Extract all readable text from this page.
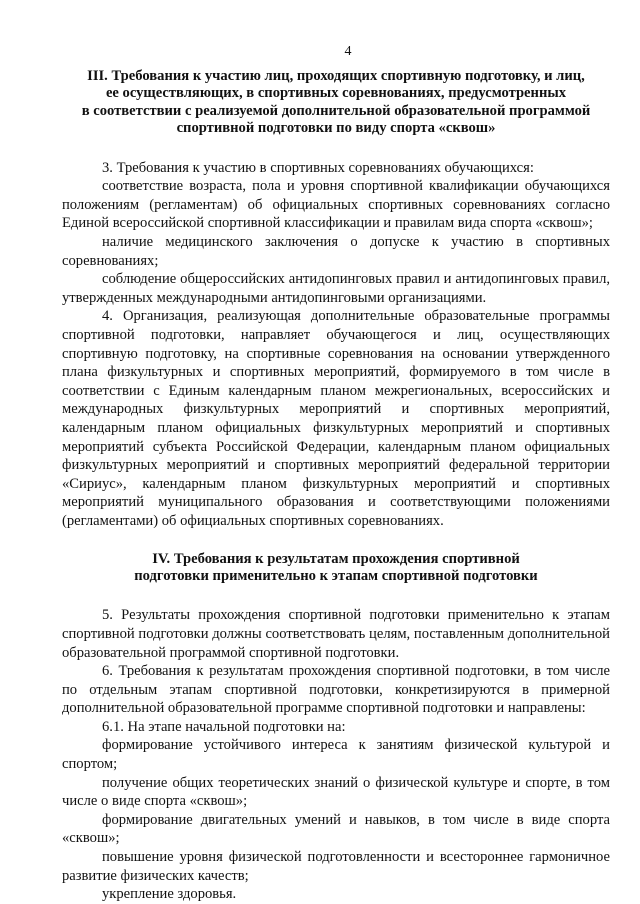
4
III. Требования к участию лиц, проходящих спортивную подготовку, и лиц,
ее осуществляющих, в спортивных соревнованиях, предусмотренных
в соответствии с реализуемой дополнительной образовательной программой
спортивной подготовки по виду спорта «сквош»

3. Требования к участию в спортивных соревнованиях обучающихся:

соответствие возраста, пола и уровня спортивной квалификации обучающихся положениям (регламентам) об официальных спортивных соревнованиях согласно Единой всероссийской спортивной классификации и правилам вида спорта «сквош»;

наличие медицинского заключения о допуске к участию в спортивных соревнованиях;

соблюдение общероссийских антидопинговых правил и антидопинговых правил, утвержденных международными антидопинговыми организациями.

4. Организация, реализующая дополнительные образовательные программы спортивной подготовки, направляет обучающегося и лиц, осуществляющих спортивную подготовку, на спортивные соревнования на основании утвержденного плана физкультурных и спортивных мероприятий, формируемого в том числе в соответствии с Единым календарным планом межрегиональных, всероссийских и международных физкультурных мероприятий и спортивных мероприятий, календарным планом официальных физкультурных мероприятий и спортивных мероприятий субъекта Российской Федерации, календарным планом официальных физкультурных мероприятий и спортивных мероприятий федеральной территории «Сириус», календарным планом физкультурных мероприятий и спортивных мероприятий муниципального образования и соответствующими положениями (регламентами) об официальных спортивных соревнованиях.

IV. Требования к результатам прохождения спортивной
подготовки применительно к этапам спортивной подготовки

5. Результаты прохождения спортивной подготовки применительно к этапам спортивной подготовки должны соответствовать целям, поставленным дополнительной образовательной программой спортивной подготовки.

6. Требования к результатам прохождения спортивной подготовки, в том числе по отдельным этапам спортивной подготовки, конкретизируются в примерной дополнительной образовательной программе спортивной подготовки и направлены:

6.1. На этапе начальной подготовки на:

формирование устойчивого интереса к занятиям физической культурой и спортом;

получение общих теоретических знаний о физической культуре и спорте, в том числе о виде спорта «сквош»;

формирование двигательных умений и навыков, в том числе в виде спорта «сквош»;

повышение уровня физической подготовленности и всестороннее гармоничное развитие физических качеств;

укрепление здоровья.
